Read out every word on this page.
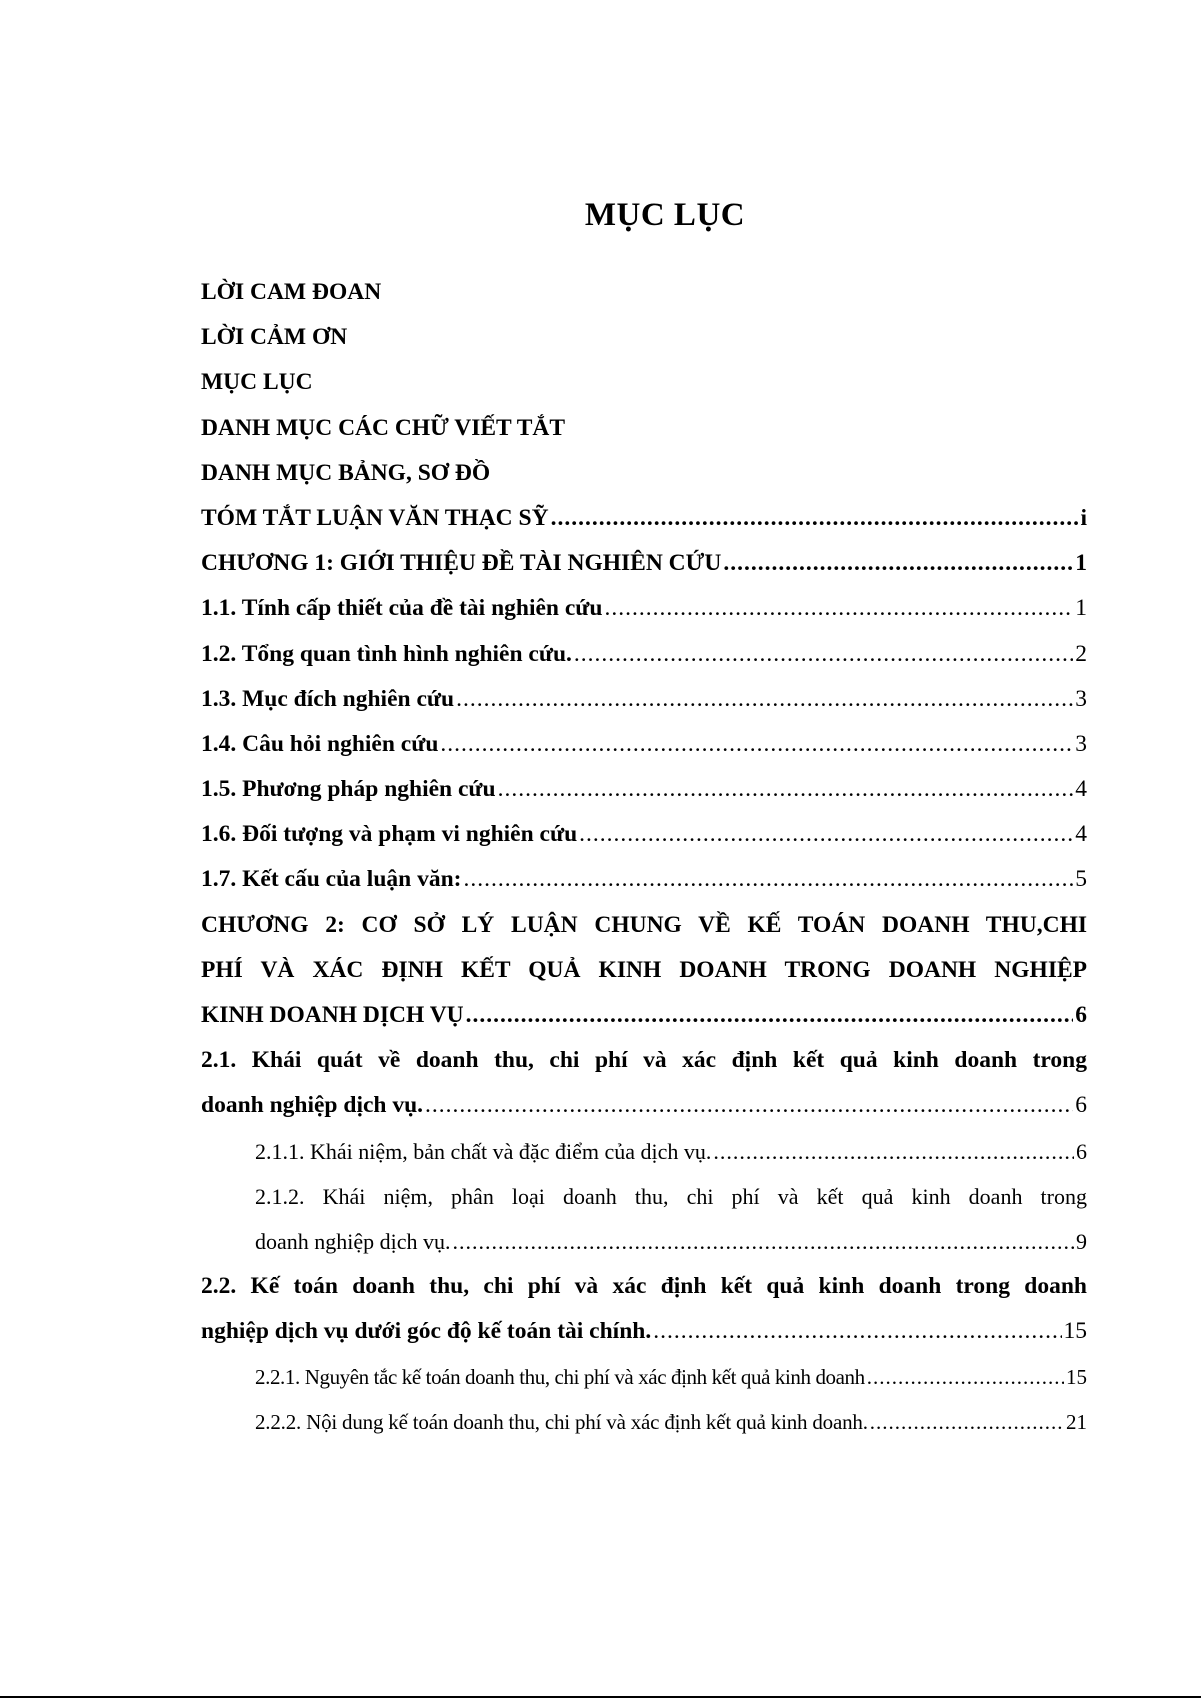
MỤC LỤC
LỜI CAM ĐOAN
LỜI CẢM ƠN
MỤC LỤC
DANH MỤC CÁC CHỮ VIẾT TẮT
DANH MỤC BẢNG, SƠ ĐỒ
TÓM TẮT LUẬN VĂN THẠC SỸ .....	i
CHƯƠNG 1: GIỚI THIỆU ĐỀ TÀI NGHIÊN CỨU .....	1
1.1. Tính cấp thiết của đề tài nghiên cứu .....	1
1.2. Tổng quan tình hình nghiên cứu. .....	2
1.3. Mục đích nghiên cứu .....	3
1.4. Câu hỏi nghiên cứu .....	3
1.5. Phương pháp nghiên cứu .....	4
1.6. Đối tượng và phạm vi nghiên cứu .....	4
1.7. Kết cấu của luận văn: .....	5
CHƯƠNG 2: CƠ SỞ LÝ LUẬN CHUNG VỀ KẾ TOÁN DOANH THU,CHI
PHÍ VÀ XÁC ĐỊNH KẾT QUẢ KINH DOANH TRONG DOANH NGHIỆP
KINH DOANH DỊCH VỤ .....	6
2.1. Khái quát về doanh thu, chi phí và xác định kết quả kinh doanh trong
doanh nghiệp dịch vụ. .....	6
2.1.1. Khái niệm, bản chất và đặc điểm của dịch vụ. .....	6
2.1.2. Khái niệm, phân loại doanh thu, chi phí và kết quả kinh doanh trong
doanh nghiệp dịch vụ. .....	9
2.2. Kế toán doanh thu, chi phí và xác định kết quả kinh doanh trong doanh
nghiệp dịch vụ dưới góc độ kế toán tài chính. .....	15
2.2.1. Nguyên tắc kế toán doanh thu, chi phí và xác định kết quả kinh doanh .....	15
2.2.2. Nội dung kế toán doanh thu, chi phí và xác định kết quả kinh doanh. .....	21
